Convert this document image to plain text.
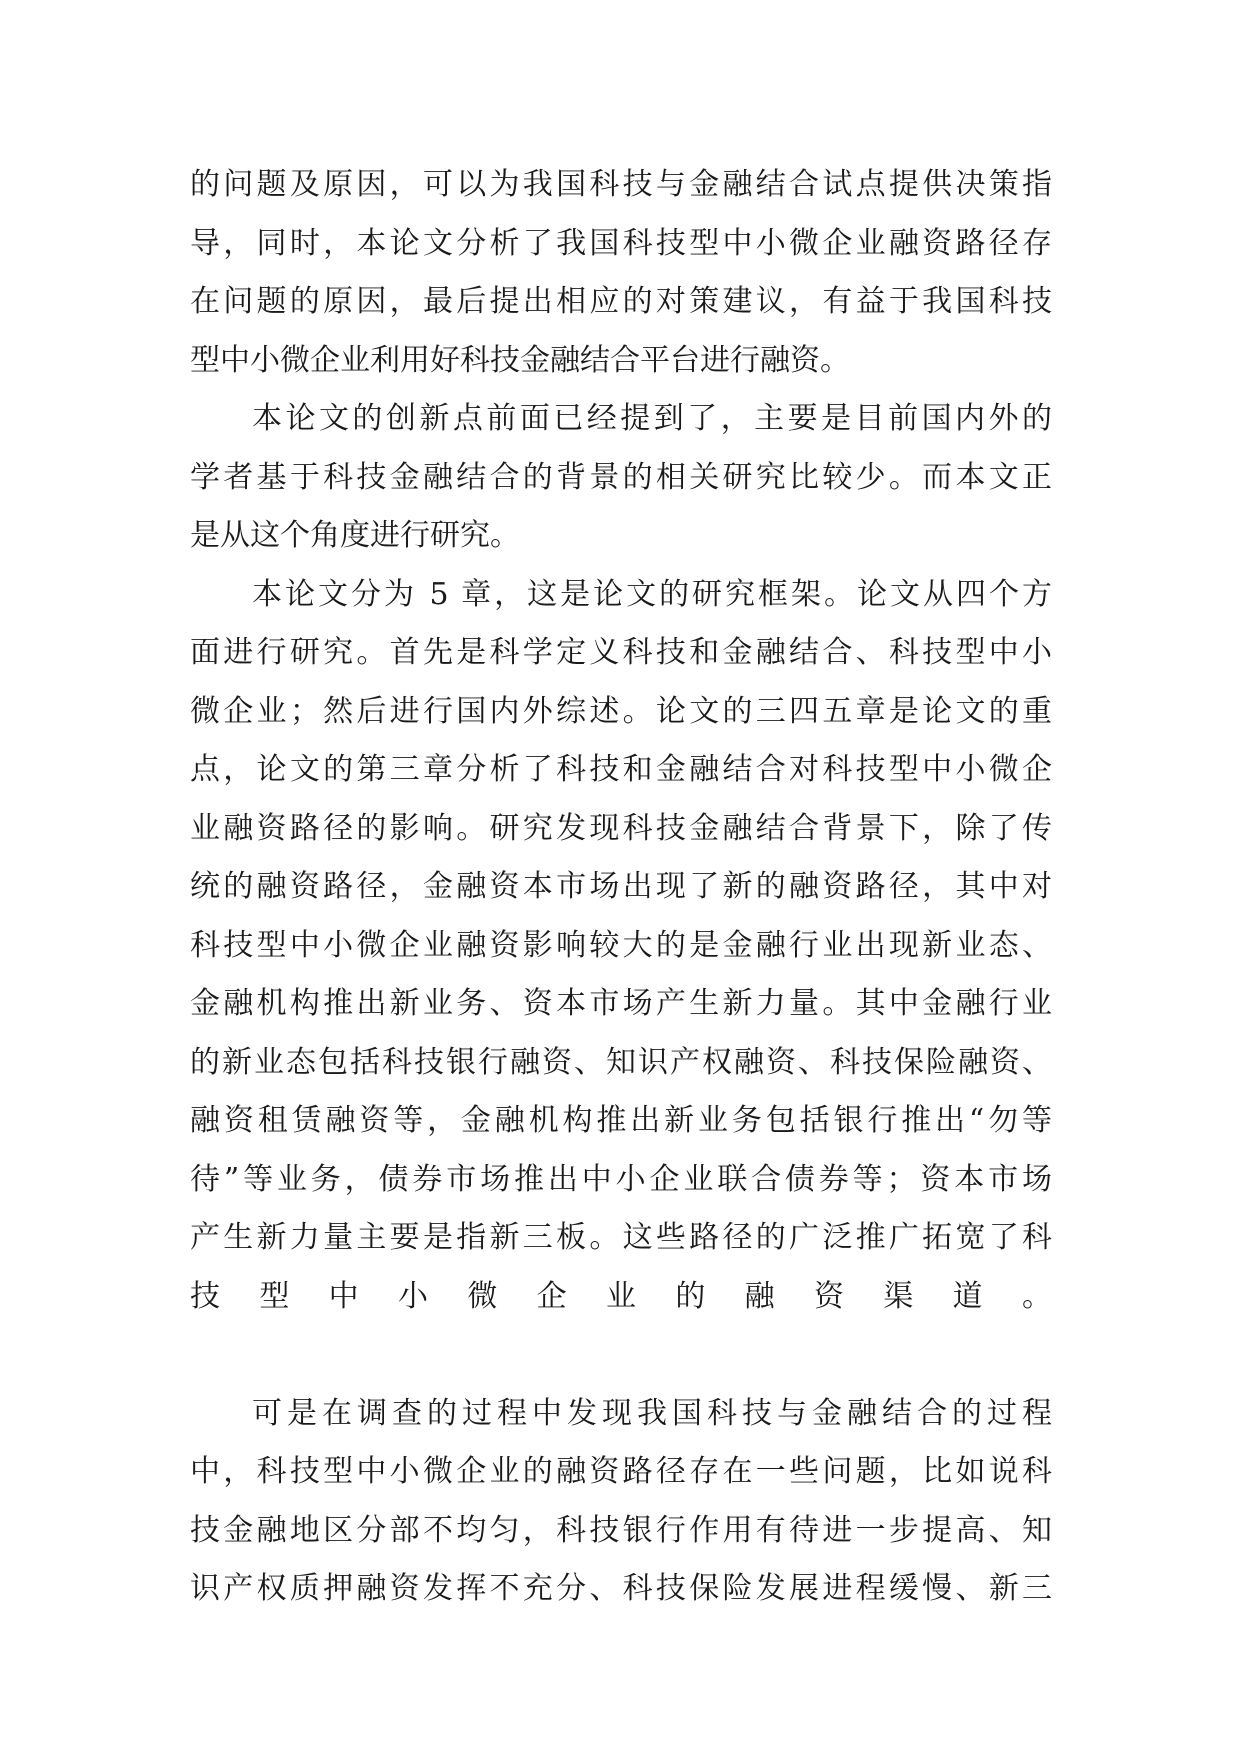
的问题及原因，可以为我国科技与金融结合试点提供决策指
导，同时，本论文分析了我国科技型中小微企业融资路径存
在问题的原因，最后提出相应的对策建议，有益于我国科技
型中小微企业利用好科技金融结合平台进行融资。
本论文的创新点前面已经提到了，主要是目前国内外的
学者基于科技金融结合的背景的相关研究比较少。而本文正
是从这个角度进行研究。
本论文分为 5 章，这是论文的研究框架。论文从四个方
面进行研究。首先是科学定义科技和金融结合、科技型中小
微企业；然后进行国内外综述。论文的三四五章是论文的重
点，论文的第三章分析了科技和金融结合对科技型中小微企
业融资路径的影响。研究发现科技金融结合背景下，除了传
统的融资路径，金融资本市场出现了新的融资路径，其中对
科技型中小微企业融资影响较大的是金融行业出现新业态、
金融机构推出新业务、资本市场产生新力量。其中金融行业
的新业态包括科技银行融资、知识产权融资、科技保险融资、
融资租赁融资等，金融机构推出新业务包括银行推出“勿等
待”等业务，债券市场推出中小企业联合债券等；资本市场
产生新力量主要是指新三板。这些路径的广泛推广拓宽了科
技型中小微企业的融资渠道。
可是在调查的过程中发现我国科技与金融结合的过程
中，科技型中小微企业的融资路径存在一些问题，比如说科
技金融地区分部不均匀，科技银行作用有待进一步提高、知
识产权质押融资发挥不充分、科技保险发展进程缓慢、新三
